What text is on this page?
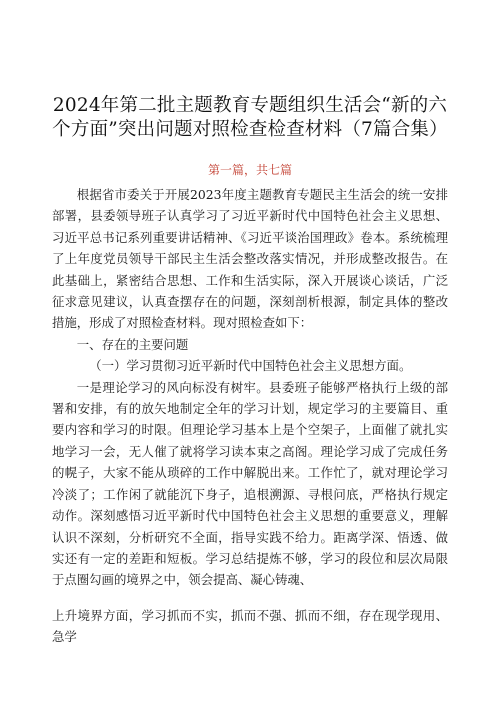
2024年第二批主题教育专题组织生活会“新的六个方面”突出问题对照检查检查材料（7篇合集）
第一篇，共七篇

根据省市委关于开展2023年度主题教育专题民主生活会的统一安排部署，县委领导班子认真学习了习近平新时代中国特色社会主义思想、习近平总书记系列重要讲话精神、《习近平谈治国理政》卷本。系统梳理了上年度党员领导干部民主生活会整改落实情况，并形成整改报告。在此基础上，紧密结合思想、工作和生活实际，深入开展谈心谈话，广泛征求意见建议，认真查摆存在的问题，深刻剖析根源，制定具体的整改措施，形成了对照检查材料。现对照检查如下：

一、存在的主要问题

（一）学习贯彻习近平新时代中国特色社会主义思想方面。

一是理论学习的风向标没有树牢。县委班子能够严格执行上级的部署和安排，有的放矢地制定全年的学习计划，规定学习的主要篇目、重要内容和学习的时限。但理论学习基本上是个空架子，上面催了就扎实地学习一会，无人催了就将学习读本束之高阁。理论学习成了完成任务的幌子，大家不能从琐碎的工作中解脱出来。工作忙了，就对理论学习冷淡了；工作闲了就能沉下身子，追根溯源、寻根问底，严格执行规定动作。深刻感悟习近平新时代中国特色社会主义思想的重要意义，理解认识不深刻，分析研究不全面，指导实践不给力。距离学深、悟透、做实还有一定的差距和短板。学习总结提炼不够，学习的段位和层次局限于点圈勾画的境界之中，领会提高、凝心铸魂、

上升境界方面，学习抓而不实，抓而不强、抓而不细，存在现学现用、急学
